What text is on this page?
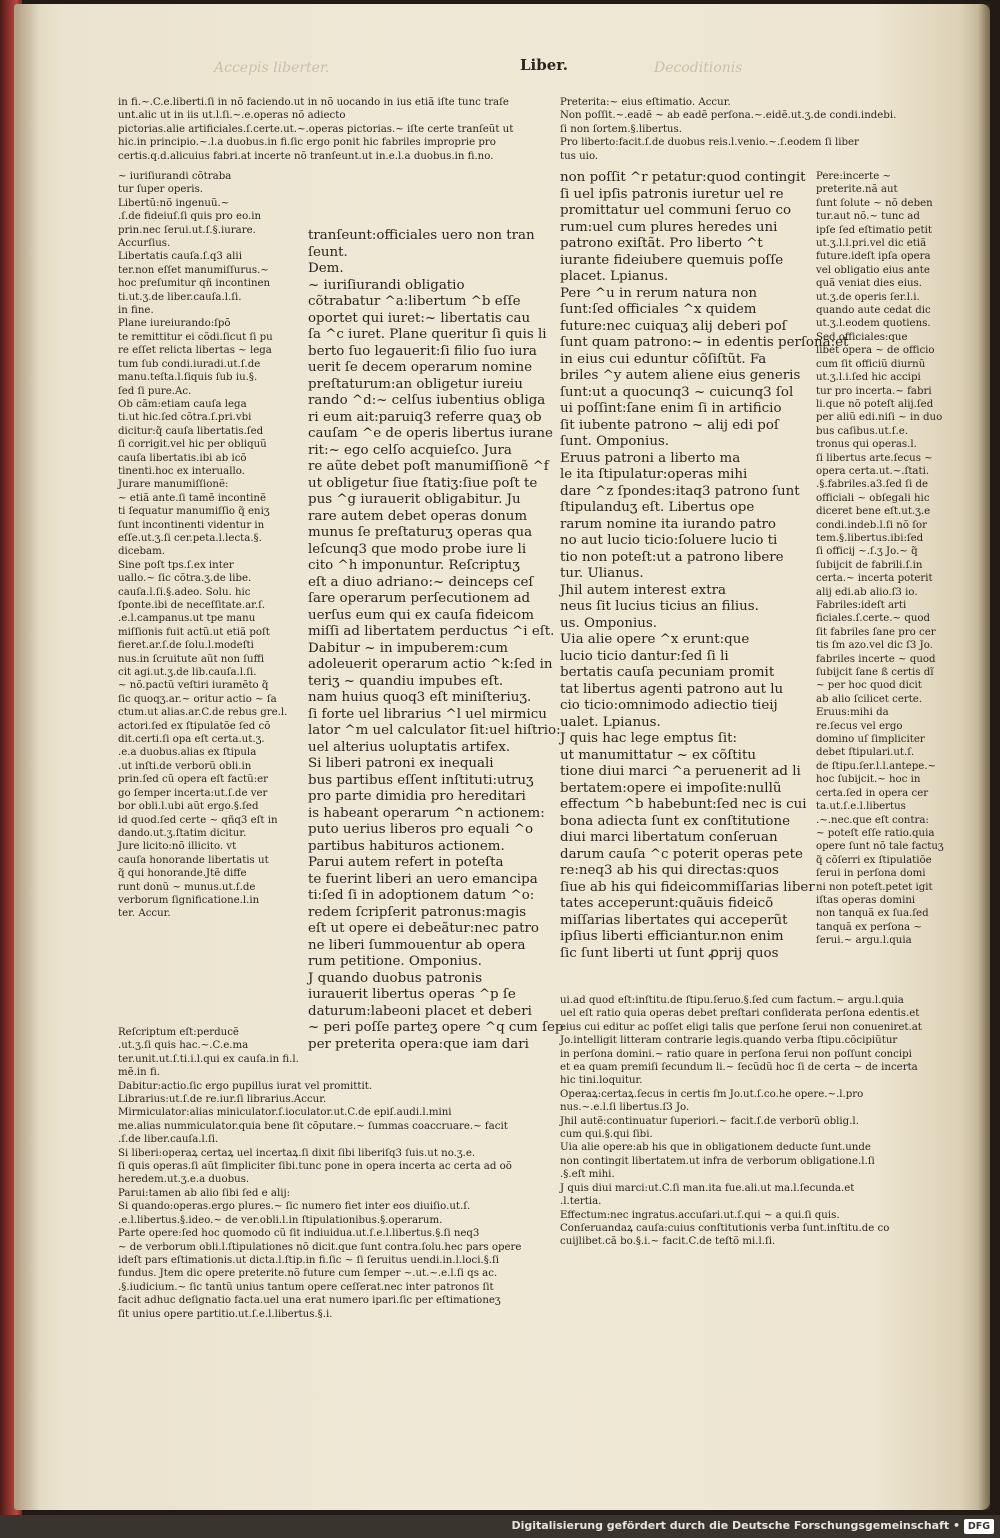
Accepis liberter.	Decoditionis
Liber.
in fi.~.C.e.liberti.ſi in nõ faciendo.ut in nõ uocando in ius etiã iſte tunc traſe
unt.alic ut in iis ut.l.ſi.~.e.operas nõ adiecto
pictorias.alie artificiales.ſ.certe.ut.~.operas pictorias.~ iſte certe tranſeũt ut
hic.in principio.~.l.a duobus.in fi.ſic ergo ponit hic fabriles improprie pro
certis.q.d.alicuius fabri.at incerte nõ tranſeunt.ut in.e.l.a duobus.in fi.no.
~ iuriſiurandi cõtraba
tur ſuper operis.
Libertũ:nõ ingenuũ.~
.ſ.de fideiuſ.ſi quis pro eo.in
prin.nec ſerui.ut.ſ.§.iurare.
Accurſius.
Libertatis cauſa.ſ.q3 alii
ter.non eſſet manumiſſurus.~
hoc preſumitur qñ incontinen
ti.ut.ʒ.de liber.cauſa.l.ſi.
in fine.
Plane iureiurando:ſpõ
te remittitur ei cõdi.ſicut ſi pu
re eſſet relicta libertas ~ lega
tum ſub condi.iuradi.ut.ſ.de
manu.teſta.l.ſiquis ſub iu.§.
ſed ſi pure.Ac.
Ob cãm:etiam cauſa lega
ti.ut hic.ſed cõtra.ſ.pri.vbi
dicitur:q̃ cauſa libertatis.ſed
ſi corrigit.vel hic per obliquũ
cauſa libertatis.ibi ab icõ
tinenti.hoc ex interuallo.
Jurare manumiſſionẽ:
~ etiã ante.ſi tamẽ incontinẽ
ti ſequatur manumiſſio q̃ eniʒ
ſunt incontinenti videntur in
eſſe.ut.ʒ.ſi cer.peta.l.lecta.§.
dicebam.
Sine poſt tps.ſ.ex inter
uallo.~ ſic cõtra.ʒ.de libe.
cauſa.l.ſi.§.adeo. Solu. hic
ſponte.ibi de neceſſitate.ar.ſ.
.e.l.campanus.ut tpe manu
miſſionis fuit actũ.ut etiã poſt
fieret.ar.ſ.de ſolu.l.modeſti
nus.in ſcruitute aũt non ſuffi
cit agi.ut.ʒ.de lib.cauſa.l.ſi.
~ nõ.pactũ veſtiri iuramẽto q̃
ſic quoqʒ.ar.~ oritur actio ~ ſa
ctum.ut alias.ar.C.de rebus gre.l.
actori.ſed ex ſtipulatõe ſed cõ
dit.certi.ſi opa eſt certa.ut.ʒ.
.e.a duobus.alias ex ſtipula
.ut inſti.de verborũ obli.in
prin.ſed cũ opera eſt factũ:er
go ſemper incerta:ut.ſ.de ver
bor obli.l.ubi aũt ergo.§.ſed
id quod.ſed certe ~ qñq3 eſt in
dando.ut.ʒ.ſtatim dicitur.
Jure licito:nõ illicito. vt
cauſa honorande libertatis ut
q̃ qui honorande.Jtẽ diffe
runt donũ ~ munus.ut.ſ.de
verborum ſignificatione.l.in
ter. Accur.
Reſcriptum eſt:perducẽ
.ut.ʒ.ſi quis hac.~.C.e.ma
ter.unit.ut.ſ.ti.i.l.qui ex cauſa.in fi.l.
mẽ.in fi.
Dabitur:actio.ſic ergo pupillus iurat vel promittit.
Librarius:ut.ſ.de re.iur.ſi librarius.Accur.
Mirmiculator:alias miniculator.ſ.ioculator.ut.C.de epiſ.audi.l.mini
me.alias nummiculator.quia bene ſit cõputare.~ ſummas coaccruare.~ facit
.ſ.de liber.cauſa.l.ſi.
Si liberi:operaꝝ certaꝝ uel incertaꝝ.ſi dixit ſibi liberiſq3 ſuis.ut no.ʒ.e.
ſi quis operas.ſi aũt ſimpliciter ſibi.tunc pone in opera incerta ac certa ad oõ
heredem.ut.ʒ.e.a duobus.
Parui:tamen ab alio ſibi ſed e alij:
Si quando:operas.ergo plures.~ ſic numero fiet inter eos diuiſio.ut.ſ.
.e.l.libertus.§.ideo.~ de ver.obli.l.in ſtipulationibus.§.operarum.
Parte opere:ſed hoc quomodo cũ ſit indiuidua.ut.ſ.e.l.libertus.§.ſi neq3
~ de verborum obli.l.ſtipulationes nõ dicit.que ſunt contra.ſolu.hec pars opere
ideſt pars eſtimationis.ut dicta.l.ſtip.in fi.ſic ~ ſi ſeruitus uendi.in.l.loci.§.ſi
fundus. Jtem dic opere preterite.nõ future cum ſemper ~.ut.~.e.l.ſi qs ac.
.§.iudicium.~ ſic tantũ unius tantum opere ceſſerat.nec inter patronos ſit
facit adhuc deſignatio facta.uel una erat numero ipari.ſic per eſtimationeʒ
ſit unius opere partitio.ut.ſ.e.l.libertus.§.i.
tranſeunt:officiales uero non tran
ſeunt.
Dem.
~ iuriſiurandi obligatio
cõtrabatur ^a:libertum ^b eſſe
oportet qui iuret:~ libertatis cau
ſa ^c iuret. Plane queritur ſi quis li
berto ſuo legauerit:ſi filio ſuo iura
uerit ſe decem operarum nomine
preſtaturum:an obligetur iureiu
rando ^d:~ celſus iubentius obliga
ri eum ait:paruiq3 referre quaʒ ob
cauſam ^e de operis libertus iurane
rit:~ ego celſo acquieſco. Jura
re aũte debet poſt manumiſſionẽ ^f
ut obligetur ſiue ſtatiʒ:ſiue poſt te
pus ^g iurauerit obligabitur. Ju
rare autem debet operas donum
munus ſe preſtaturuʒ operas qua
leſcunq3 que modo probe iure li
cito ^h imponuntur. Reſcriptuʒ
eſt a diuo adriano:~ deinceps ceſ
ſare operarum perſecutionem ad
uerſus eum qui ex cauſa fideicom
miſſi ad libertatem perductus ^i eſt.
Dabitur ~ in impuberem:cum
adoleuerit operarum actio ^k:ſed in
teriʒ ~ quandiu impubes eſt.
nam huius quoq3 eſt miniſteriuʒ.
ſi forte uel librarius ^l uel mirmicu
lator ^m uel calculator ſit:uel hiſtrio:
uel alterius uoluptatis artifex.
Si liberi patroni ex inequali
bus partibus eſſent inſtituti:utruʒ
pro parte dimidia pro hereditari
is habeant operarum ^n actionem:
puto uerius liberos pro equali ^o
partibus habituros actionem.
Parui autem refert in poteſta
te fuerint liberi an uero emancipa
ti:ſed ſi in adoptionem datum ^o:
redem ſcripſerit patronus:magis
eſt ut opere ei debeãtur:nec patro
ne liberi ſummouentur ab opera
rum petitione. Omponius.
J quando duobus patronis
iurauerit libertus operas ^p ſe
daturum:labeoni placet et deberi
~ peri poſſe parteʒ opere ^q cum ſep
per preterita opera:que iam dari
Preterita:~ eius eſtimatio. Accur.
Non poſſit.~.eadẽ ~ ab eadẽ perſona.~.eidẽ.ut.ʒ.de condi.indebi.
ſi non ſortem.§.libertus.
Pro liberto:facit.ſ.de duobus reis.l.venio.~.ſ.eodem ſi liber
tus uio.
non poſſit ^r petatur:quod contingit
ſi uel ipſis patronis iuretur uel re
promittatur uel communi ſeruo co
rum:uel cum plures heredes uni
patrono exiſtãt. Pro liberto ^t
iurante fideiubere quemuis poſſe
placet. Lpianus.
Pere ^u in rerum natura non
ſunt:ſed officiales ^x quidem
future:nec cuiquaʒ alij deberi poſ
ſunt quam patrono:~ in edentis perſona:et
in eius cui eduntur cõſiſtũt. Fa
briles ^y autem aliene eius generis
ſunt:ut a quocunq3 ~ cuicunq3 ſol
ui poſſint:ſane enim ſi in artificio
ſit iubente patrono ~ alij edi poſ
ſunt. Omponius.
Eruus patroni a liberto ma
le ita ſtipulatur:operas mihi
dare ^z ſpondes:itaq3 patrono ſunt
ſtipulanduʒ eſt. Libertus ope
rarum nomine ita iurando patro
no aut lucio ticio:ſoluere lucio ti
tio non poteſt:ut a patrono libere
tur. Ulianus.
Jhil autem interest extra
neus ſit lucius ticius an filius.
us. Omponius.
Uia alie opere ^x erunt:que
lucio ticio dantur:ſed ſi li
bertatis cauſa pecuniam promit
tat libertus agenti patrono aut lu
cio ticio:omnimodo adiectio tieij
ualet. Lpianus.
J quis hac lege emptus ſit:
ut manumittatur ~ ex cõſtitu
tione diui marci ^a peruenerit ad li
bertatem:opere ei impoſite:nullũ
effectum ^b habebunt:ſed nec is cui
bona adiecta ſunt ex conſtitutione
diui marci libertatum conſeruan
darum cauſa ^c poterit operas pete
re:neq3 ab his qui directas:quos
ſiue ab his qui fideicommiſſarias liber
tates acceperunt:quãuis fideicõ
miſſarias libertates qui acceperũt
ipſius liberti efficiantur.non enim
ſic ſunt liberti ut ſunt ꝓprij quos
Pere:incerte ~
preterite.nã aut
ſunt ſolute ~ nõ deben
tur.aut nõ.~ tunc ad
ipſe ſed eſtimatio petit
ut.ʒ.l.l.pri.vel dic etiã
future.ideſt ipſa opera
vel obligatio eius ante
quã veniat dies eius.
ut.ʒ.de operis ſer.l.i.
quando aute cedat dic
ut.ʒ.l.eodem quotiens.
Sed officiales:que
libet opera ~ de officio
cum ſit officiũ diurnũ
ut.ʒ.l.i.ſed hic accipi
tur pro incerta.~ fabri
li.que nõ poteſt alij.ſed
per aliũ edi.niſi ~ in duo
bus caſibus.ut.ſ.e.
tronus qui operas.l.
ſi libertus arte.ſecus ~
opera certa.ut.~.ſtati.
.§.fabriles.a3.ſed ſi de
officiali ~ obſegali hic
diceret bene eſt.ut.ʒ.e
condi.indeb.l.ſi nõ ſor
tem.§.libertus.ibi:ſed
ſi officij ~.ſ.ʒ Jo.~ q̃
ſubijcit de fabrili.ſ.in
certa.~ incerta poterit
alij edi.ab alio.ſ3 io.
Fabriles:ideſt arti
ficiales.ſ.certe.~ quod
ſit fabriles ſane pro cer
tis ſm azo.vel dic ſ3 Jo.
fabriles incerte ~ quod
ſubijcit ſane ß certis dĩ
~ per hoc quod dicit
ab alio ſcilicet certe.
Eruus:mihi da
re.ſecus vel ergo
domino uſ ſimpliciter
debet ſtipulari.ut.ſ.
de ſtipu.ſer.l.l.antepe.~
hoc ſubijcit.~ hoc in
certa.ſed in opera cer
ta.ut.ſ.e.l.libertus
.~.nec.que eſt contra:
~ poteſt eſſe ratio.quia
opere ſunt nõ tale factuʒ
q̃ cõſerri ex ſtipulatiõe
ſerui in perſona domi
ni non poteſt.petet igit
iſtas operas domini
non tanquã ex ſua.ſed
tanquã ex perſona ~
ſerui.~ argu.l.quia
ui.ad quod eſt:inſtitu.de ſtipu.ſeruo.§.ſed cum factum.~ argu.l.quia
uel eſt ratio quia operas debet preſtari conſiderata perſona edentis.et
eius cui editur ac poſſet eligi talis que perſone ſerui non conueniret.at
Jo.intelligit litteram contrarie legis.quando verba ſtipu.cõcipiũtur
in perſona domini.~ ratio quare in perſona ſerui non poſſunt concipi
et ea quam premiſi ſecundum li.~ ſecũdũ hoc ſi de certa ~ de incerta
hic tini.loquitur.
Operaꝝ:certaꝝ.ſecus in certis ſm Jo.ut.ſ.co.he opere.~.l.pro
nus.~.e.l.ſi libertus.ſ3 Jo.
Jhil autẽ:continuatur ſuperiori.~ facit.ſ.de verborũ oblig.l.
cum qui.§.qui ſibi.
Uia alie opere:ab his que in obligationem deducte ſunt.unde
non contingit libertatem.ut infra de verborum obligatione.l.ſi
.§.eſt mihi.
J quis diui marci:ut.C.ſi man.ita fue.ali.ut ma.l.ſecunda.et
.l.tertia.
Effectum:nec ingratus.accuſari.ut.ſ.qui ~ a qui.ſi quis.
Conſeruandaꝝ cauſa:cuius conſtitutionis verba ſunt.inſtitu.de co
cuijlibet.cã bo.§.i.~ facit.C.de teſtõ mi.l.ſi.
Digitalisierung gefördert durch die Deutsche Forschungsgemeinschaft • DFG
